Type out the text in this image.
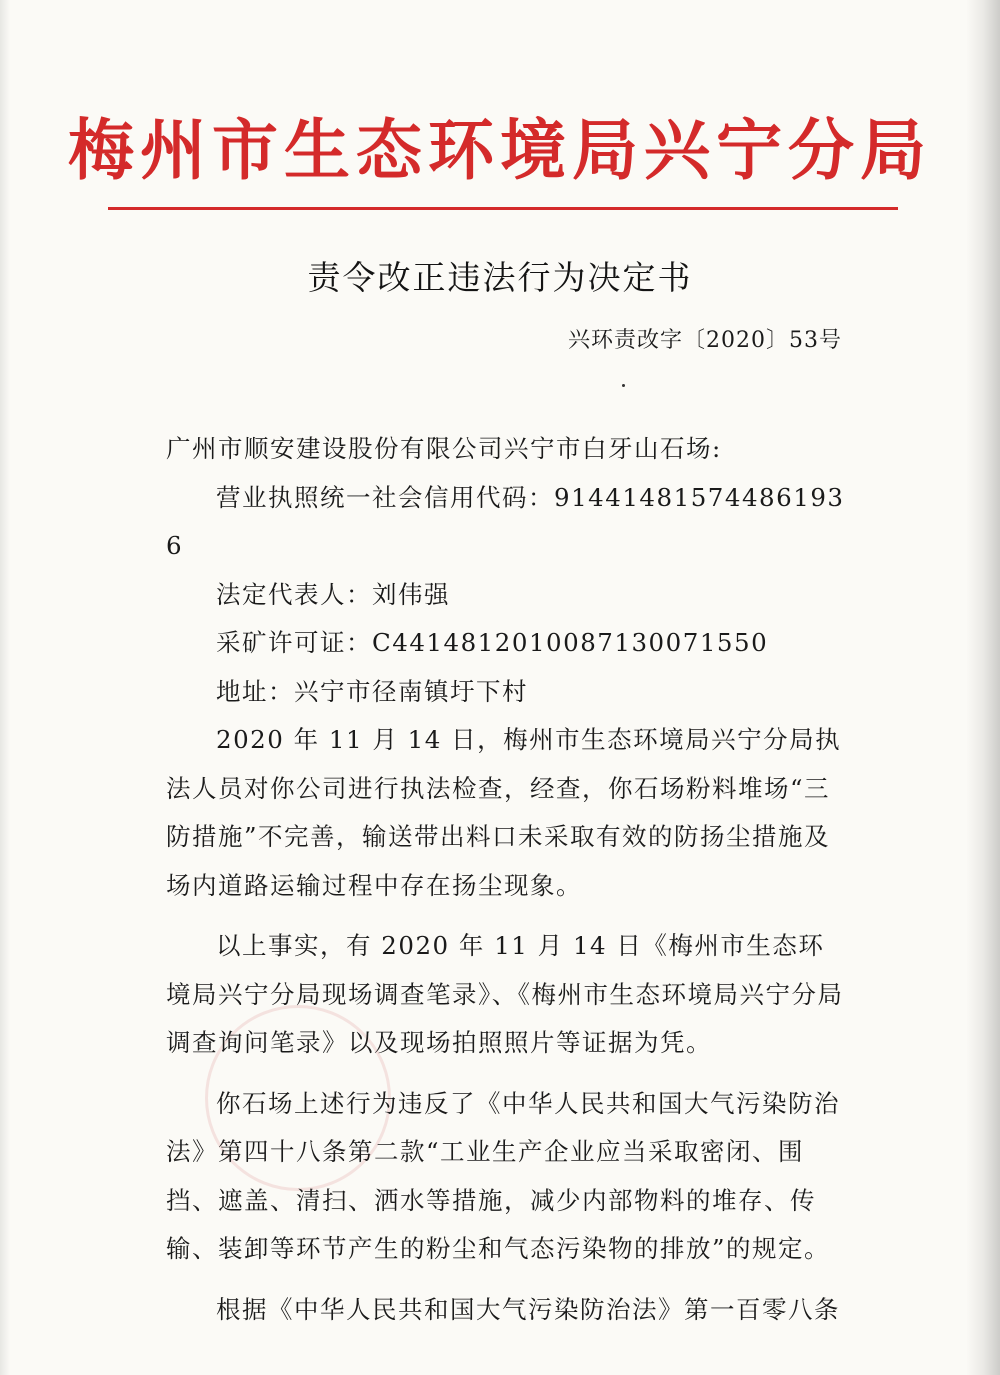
梅州市生态环境局兴宁分局
责令改正违法行为决定书
兴环责改字〔2020〕53号

广州市顺安建设股份有限公司兴宁市白牙山石场:

营业执照统一社会信用代码：91441481574486193​6

法定代表人：刘伟强

采矿许可证：C4414812010087130071550

地址：兴宁市径南镇圩下村

2020 年 11 月 14 日，梅州市生态环境局兴宁分局执法人员对你公司进行执法检查，经查，你石场粉料堆场“三防措施”不完善，输送带出料口未采取有效的防扬尘措施及场内道路运输过程中存在扬尘现象。

以上事实，有 2020 年 11 月 14 日《梅州市生态环境局兴宁分局现场调查笔录》、《梅州市生态环境局兴宁分局调查询问笔录》以及现场拍照照片等证据为凭。

你石场上述行为违反了《中华人民共和国大气污染防治法》第四十八条第二款“工业生产企业应当采取密闭、围挡、遮盖、清扫、洒水等措施，减少内部物料的堆存、传输、装卸等环节产生的粉尘和气态污染物的排放”的规定。

根据《中华人民共和国大气污染防治法》第一百零八条
